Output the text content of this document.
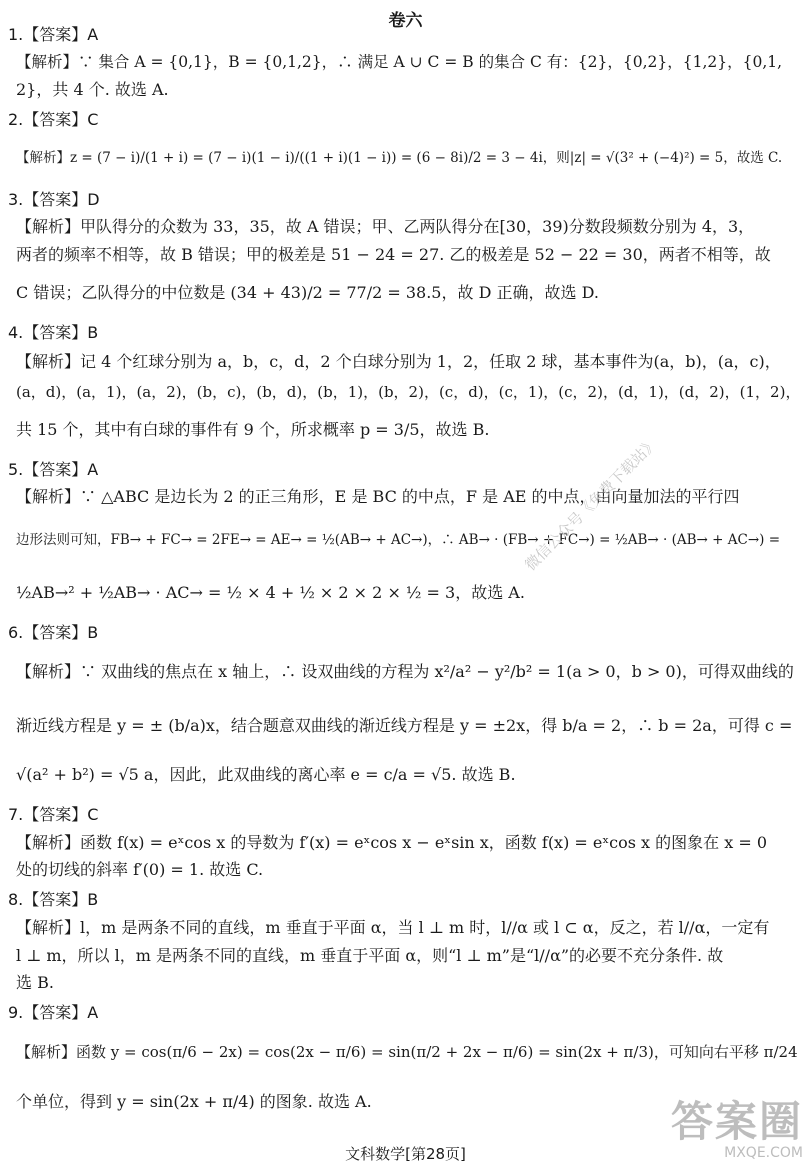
卷六
1.【答案】A
【解析】∵ 集合 A = {0,1}，B = {0,1,2}，∴ 满足 A ∪ C = B 的集合 C 有：{2}，{0,2}，{1,2}，{0,1,
2}，共 4 个. 故选 A.
2.【答案】C
【解析】z = (7 − i)/(1 + i) = (7 − i)(1 − i)/((1 + i)(1 − i)) = (6 − 8i)/2 = 3 − 4i，则|z| = √(3² + (−4)²) = 5，故选 C.
3.【答案】D
【解析】甲队得分的众数为 33，35，故 A 错误；甲、乙两队得分在[30，39)分数段频数分别为 4，3，
两者的频率不相等，故 B 错误；甲的极差是 51 − 24 = 27. 乙的极差是 52 − 22 = 30，两者不相等，故
C 错误；乙队得分的中位数是 (34 + 43)/2 = 77/2 = 38.5，故 D 正确，故选 D.
4.【答案】B
【解析】记 4 个红球分别为 a，b，c，d，2 个白球分别为 1，2，任取 2 球，基本事件为(a，b)，(a，c)，
(a，d)，(a，1)，(a，2)，(b，c)，(b，d)，(b，1)，(b，2)，(c，d)，(c，1)，(c，2)，(d，1)，(d，2)，(1，2)，
共 15 个，其中有白球的事件有 9 个，所求概率 p = 3/5，故选 B.
5.【答案】A
【解析】∵ △ABC 是边长为 2 的正三角形，E 是 BC 的中点，F 是 AE 的中点，由向量加法的平行四
边形法则可知，FB→ + FC→ = 2FE→ = AE→ = ½(AB→ + AC→)，∴ AB→ · (FB→ + FC→) = ½AB→ · (AB→ + AC→) =
½AB→² + ½AB→ · AC→ = ½ × 4 + ½ × 2 × 2 × ½ = 3，故选 A.
6.【答案】B
【解析】∵ 双曲线的焦点在 x 轴上，∴ 设双曲线的方程为 x²/a² − y²/b² = 1(a > 0，b > 0)，可得双曲线的
渐近线方程是 y = ± (b/a)x，结合题意双曲线的渐近线方程是 y = ±2x，得 b/a = 2，∴ b = 2a，可得 c =
√(a² + b²) = √5 a，因此，此双曲线的离心率 e = c/a = √5. 故选 B.
7.【答案】C
【解析】函数 f(x) = eˣcos x 的导数为 f′(x) = eˣcos x − eˣsin x，函数 f(x) = eˣcos x 的图象在 x = 0
处的切线的斜率 f′(0) = 1. 故选 C.
8.【答案】B
【解析】l，m 是两条不同的直线，m 垂直于平面 α，当 l ⊥ m 时，l//α 或 l ⊂ α，反之，若 l//α，一定有
l ⊥ m，所以 l，m 是两条不同的直线，m 垂直于平面 α，则“l ⊥ m”是“l//α”的必要不充分条件. 故
选 B.
9.【答案】A
【解析】函数 y = cos(π/6 − 2x) = cos(2x − π/6) = sin(π/2 + 2x − π/6) = sin(2x + π/3)，可知向右平移 π/24
个单位，得到 y = sin(2x + π/4) 的图象. 故选 A.
微信公众号《免费下载站》
文科数学[第28页]
答案圈
MXQE.COM
